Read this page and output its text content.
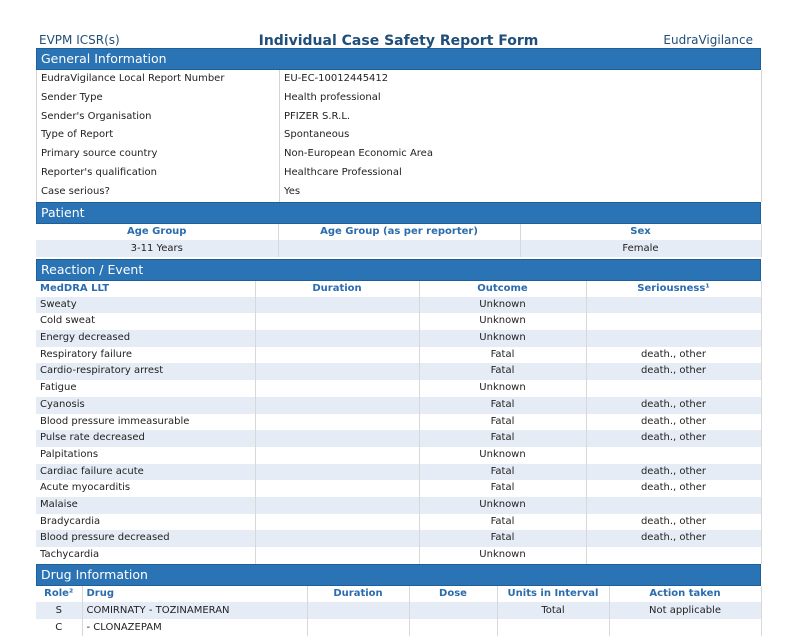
EVPM ICSR(s)	Individual Case Safety Report Form	EudraVigilance
General Information
EudraVigilance Local Report Number	EU-EC-10012445412
Sender Type	Health professional
Sender's Organisation	PFIZER S.R.L.
Type of Report	Spontaneous
Primary source country	Non-European Economic Area
Reporter's qualification	Healthcare Professional
Case serious?	Yes
Patient
Age Group	Age Group (as per reporter)	Sex
3-11 Years		Female
Reaction / Event
MedDRA LLT	Duration	Outcome	Seriousness¹
Sweaty		Unknown	
Cold sweat		Unknown	
Energy decreased		Unknown	
Respiratory failure		Fatal	death., other
Cardio-respiratory arrest		Fatal	death., other
Fatigue		Unknown	
Cyanosis		Fatal	death., other
Blood pressure immeasurable		Fatal	death., other
Pulse rate decreased		Fatal	death., other
Palpitations		Unknown	
Cardiac failure acute		Fatal	death., other
Acute myocarditis		Fatal	death., other
Malaise		Unknown	
Bradycardia		Fatal	death., other
Blood pressure decreased		Fatal	death., other
Tachycardia		Unknown	
Drug Information
Role²	Drug	Duration	Dose	Units in Interval	Action taken
S	COMIRNATY - TOZINAMERAN			Total	Not applicable
C	- CLONAZEPAM				
